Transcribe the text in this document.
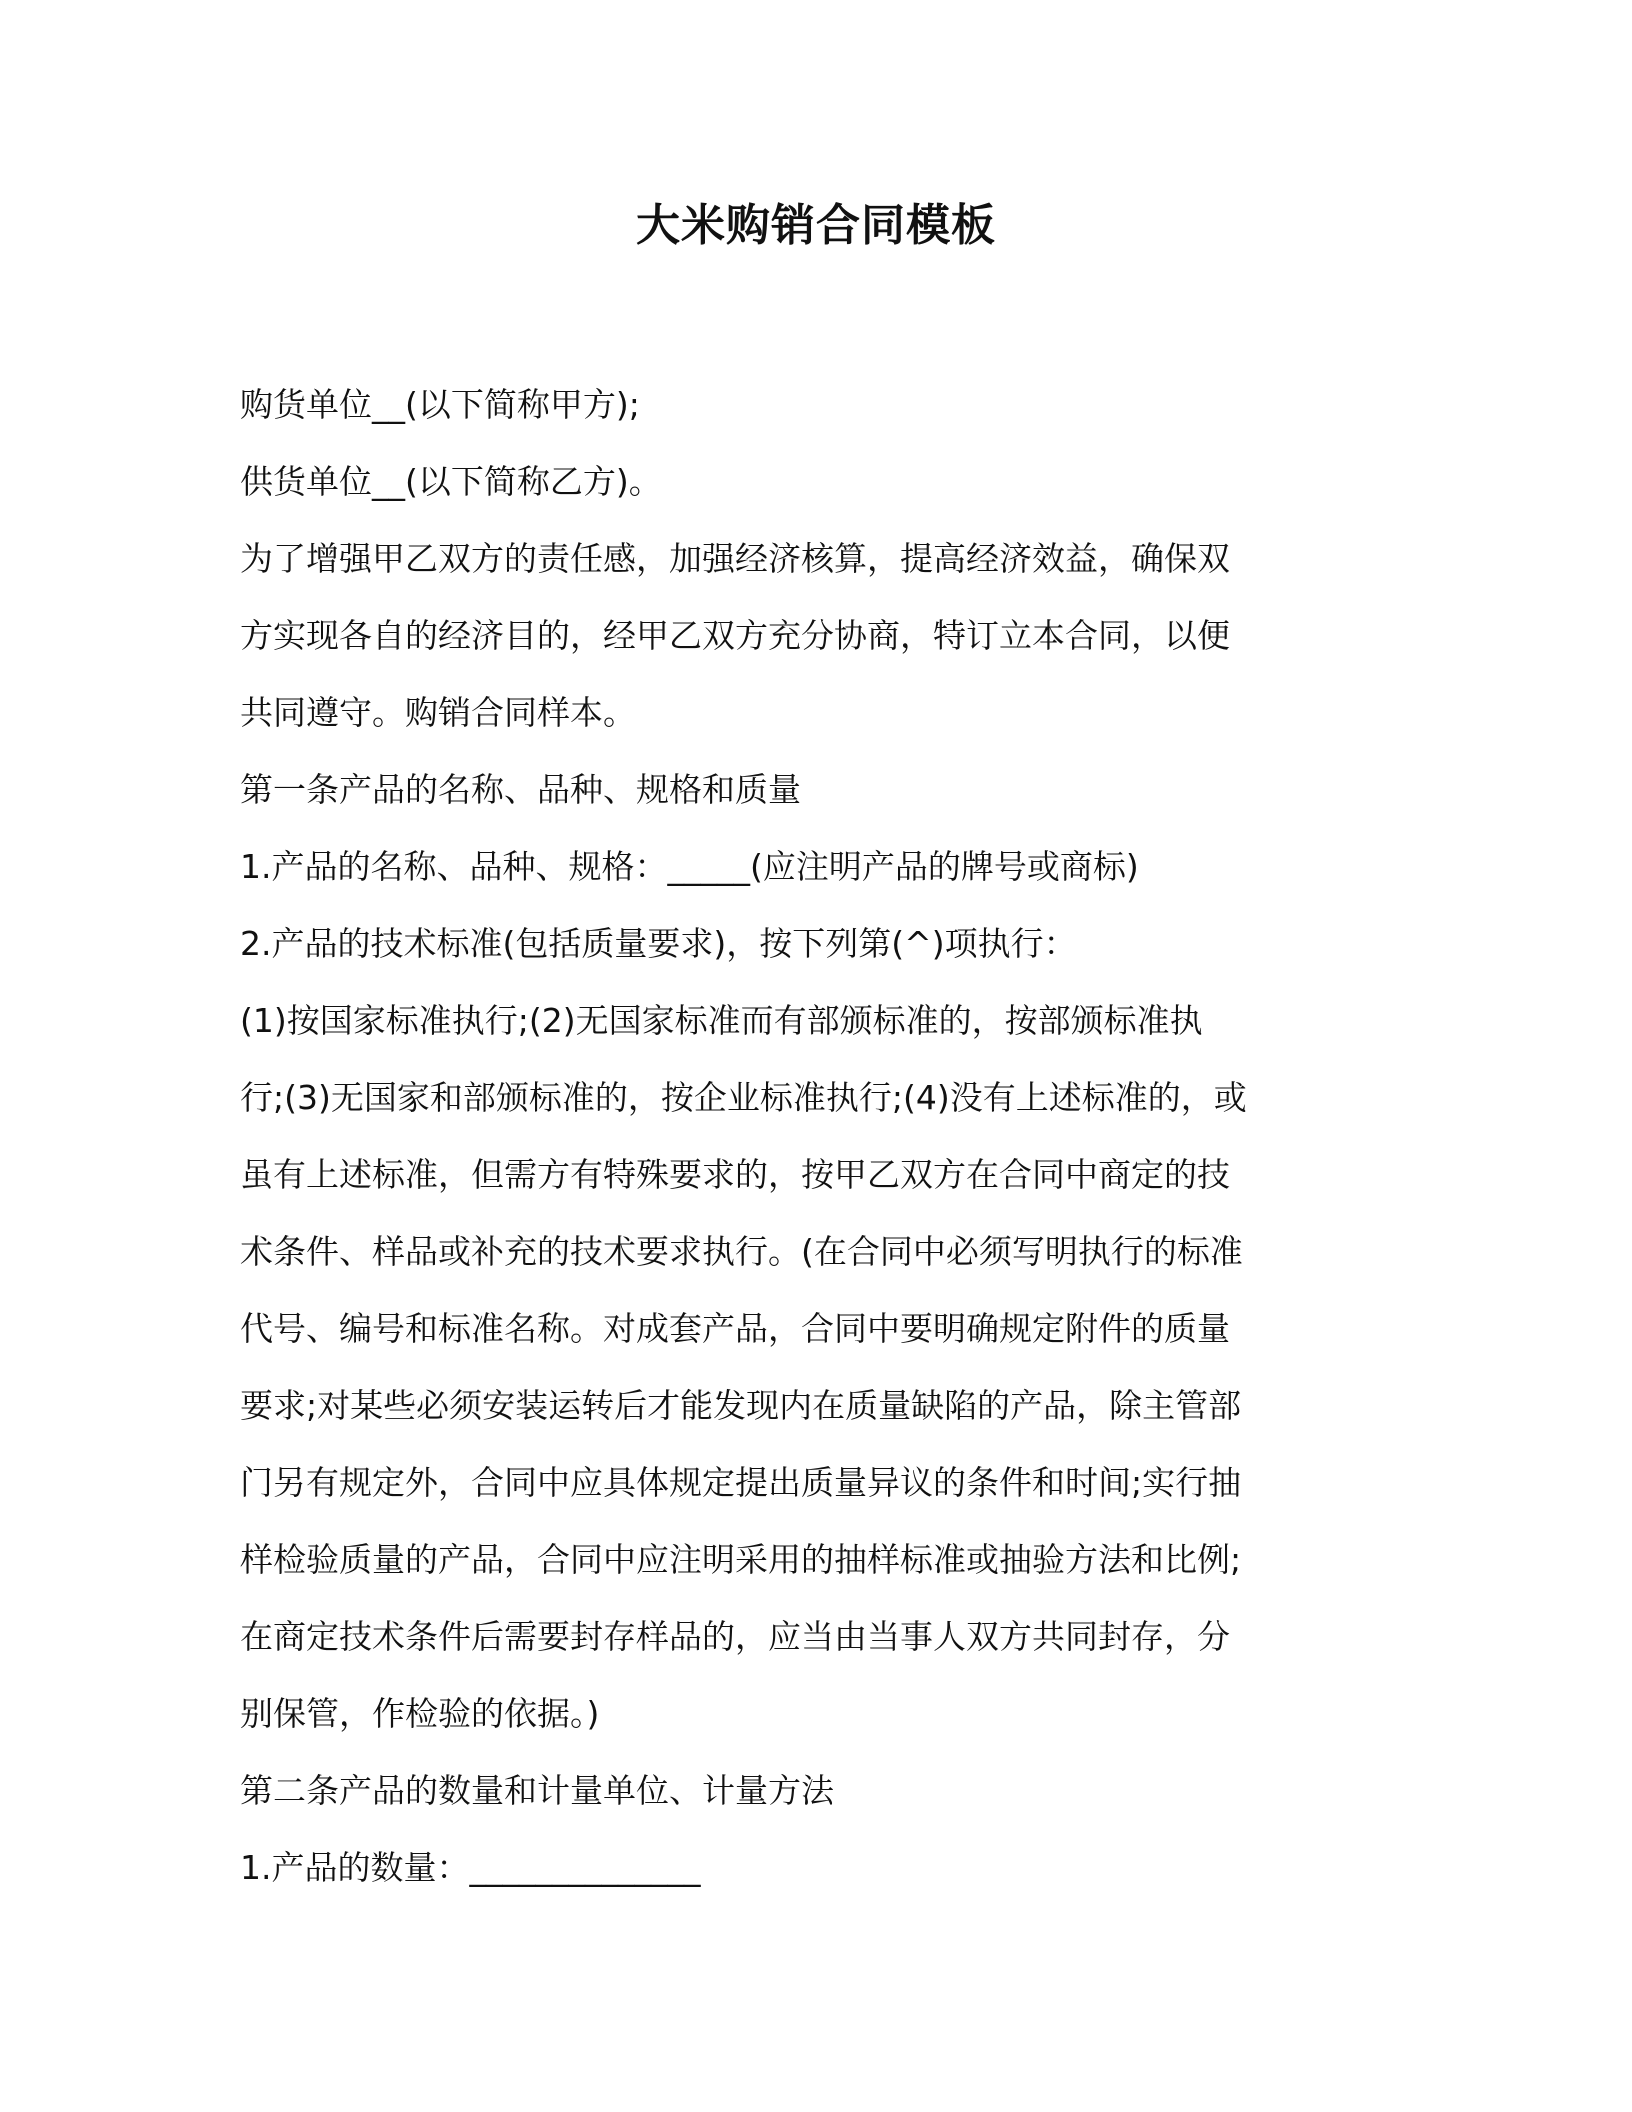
大米购销合同模板

购货单位__(以下简称甲方);

供货单位__(以下简称乙方)。

为了增强甲乙双方的责任感，加强经济核算，提高经济效益，确保双

方实现各自的经济目的，经甲乙双方充分协商，特订立本合同，以便

共同遵守。购销合同样本。

第一条产品的名称、品种、规格和质量

1.产品的名称、品种、规格：_____(应注明产品的牌号或商标)

2.产品的技术标准(包括质量要求)，按下列第(^)项执行：

(1)按国家标准执行;(2)无国家标准而有部颁标准的，按部颁标准执

行;(3)无国家和部颁标准的，按企业标准执行;(4)没有上述标准的，或

虽有上述标准，但需方有特殊要求的，按甲乙双方在合同中商定的技

术条件、样品或补充的技术要求执行。(在合同中必须写明执行的标准

代号、编号和标准名称。对成套产品，合同中要明确规定附件的质量

要求;对某些必须安装运转后才能发现内在质量缺陷的产品，除主管部

门另有规定外，合同中应具体规定提出质量异议的条件和时间;实行抽

样检验质量的产品，合同中应注明采用的抽样标准或抽验方法和比例;

在商定技术条件后需要封存样品的，应当由当事人双方共同封存，分

别保管，作检验的依据。)

第二条产品的数量和计量单位、计量方法

1.产品的数量：______________
